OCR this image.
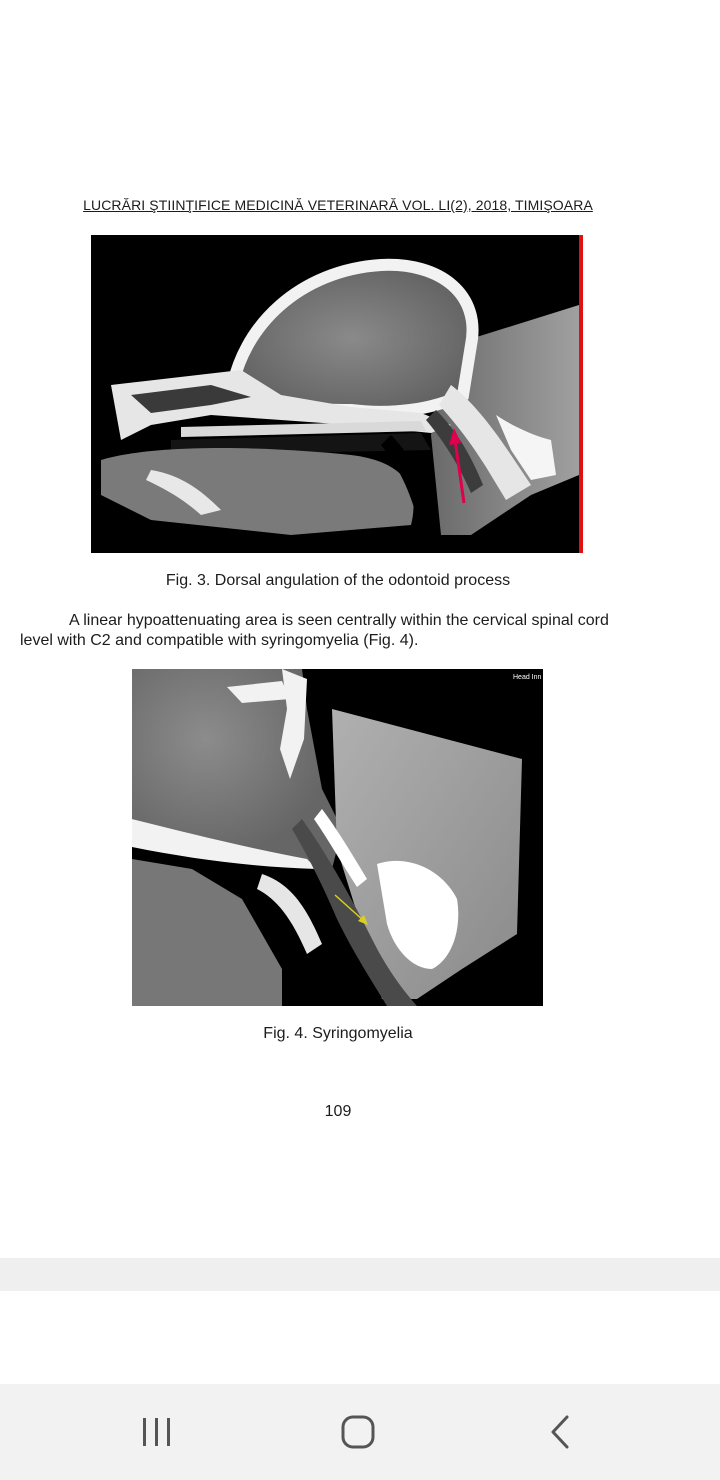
LUCRĂRI ŞTIINŢIFICE MEDICINĂ VETERINARĂ VOL. LI(2), 2018, TIMIŞOARA
Fig. 3. Dorsal angulation of the odontoid process
A linear hypoattenuating area is seen centrally within the cervical spinal cord
level with C2 and compatible with syringomyelia (Fig. 4).
Head Inn
Fig. 4. Syringomyelia
109
